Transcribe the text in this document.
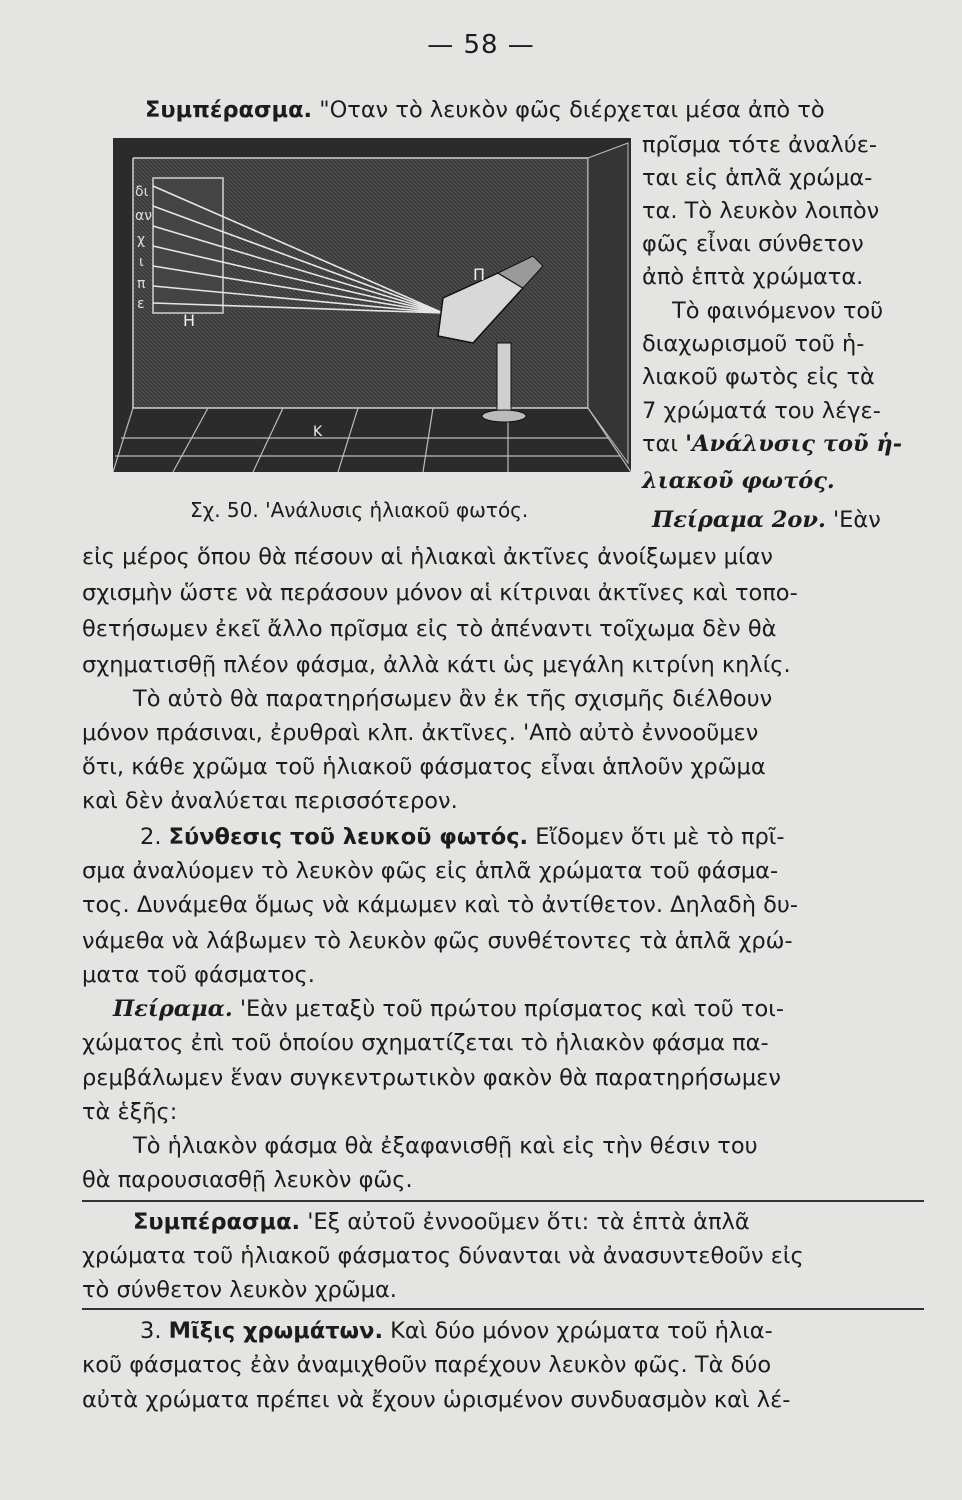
— 58 —
Π
Η
Κ
δι
αν
χ
ι
π
ε
Σχ. 50. 'Ανάλυσις ἡλιακοῦ φωτός.
Συμπέρασμα. "Οταν τὸ λευκὸν φῶς διέρχεται μέσα ἀπὸ τὸ
πρῖσμα τότε ἀναλύε-
ται εἰς ἁπλᾶ χρώμα-
τα. Τὸ λευκὸν λοιπὸν
φῶς εἶναι σύνθετον
ἀπὸ ἑπτὰ χρώματα.
Τὸ φαινόμενον τοῦ
διαχωρισμοῦ τοῦ ἡ-
λιακοῦ φωτὸς εἰς τὰ
7 χρώματά του λέγε-
ται 'Ανάλυσις τοῦ ἡ-
λιακοῦ φωτός.
Πείραμα 2ον. 'Εὰν
εἰς μέρος ὅπου θὰ πέσουν αἱ ἡλιακαὶ ἀκτῖνες ἀνοίξωμεν μίαν
σχισμὴν ὥστε νὰ περάσουν μόνον αἱ κίτριναι ἀκτῖνες καὶ τοπο-
θετήσωμεν ἐκεῖ ἄλλο πρῖσμα εἰς τὸ ἀπέναντι τοῖχωμα δὲν θὰ
σχηματισθῇ πλέον φάσμα, ἀλλὰ κάτι ὡς μεγάλη κιτρίνη κηλίς.
Τὸ αὐτὸ θὰ παρατηρήσωμεν ἂν ἐκ τῆς σχισμῆς διέλθουν
μόνον πράσιναι, ἐρυθραὶ κλπ. ἀκτῖνες. 'Απὸ αὐτὸ ἐννοοῦμεν
ὅτι, κάθε χρῶμα τοῦ ἡλιακοῦ φάσματος εἶναι ἁπλοῦν χρῶμα
καὶ δὲν ἀναλύεται περισσότερον.
2. Σύνθεσις τοῦ λευκοῦ φωτός. Εἴδομεν ὅτι μὲ τὸ πρῖ-
σμα ἀναλύομεν τὸ λευκὸν φῶς εἰς ἁπλᾶ χρώματα τοῦ φάσμα-
τος. Δυνάμεθα ὅμως νὰ κάμωμεν καὶ τὸ ἀντίθετον. Δηλαδὴ δυ-
νάμεθα νὰ λάβωμεν τὸ λευκὸν φῶς συνθέτοντες τὰ ἁπλᾶ χρώ-
ματα τοῦ φάσματος.
Πείραμα. 'Εὰν μεταξὺ τοῦ πρώτου πρίσματος καὶ τοῦ τοι-
χώματος ἐπὶ τοῦ ὁποίου σχηματίζεται τὸ ἡλιακὸν φάσμα πα-
ρεμβάλωμεν ἕναν συγκεντρωτικὸν φακὸν θὰ παρατηρήσωμεν
τὰ ἑξῆς:
Τὸ ἡλιακὸν φάσμα θὰ ἐξαφανισθῇ καὶ εἰς τὴν θέσιν του
θὰ παρουσιασθῇ λευκὸν φῶς.
Συμπέρασμα. 'Εξ αὐτοῦ ἐννοοῦμεν ὅτι: τὰ ἑπτὰ ἁπλᾶ
χρώματα τοῦ ἡλιακοῦ φάσματος δύνανται νὰ ἀνασυντεθοῦν εἰς
τὸ σύνθετον λευκὸν χρῶμα.
3. Μῖξις χρωμάτων. Καὶ δύο μόνον χρώματα τοῦ ἡλια-
κοῦ φάσματος ἐὰν ἀναμιχθοῦν παρέχουν λευκὸν φῶς. Τὰ δύο
αὐτὰ χρώματα πρέπει νὰ ἔχουν ὡρισμένον συνδυασμὸν καὶ λέ-
